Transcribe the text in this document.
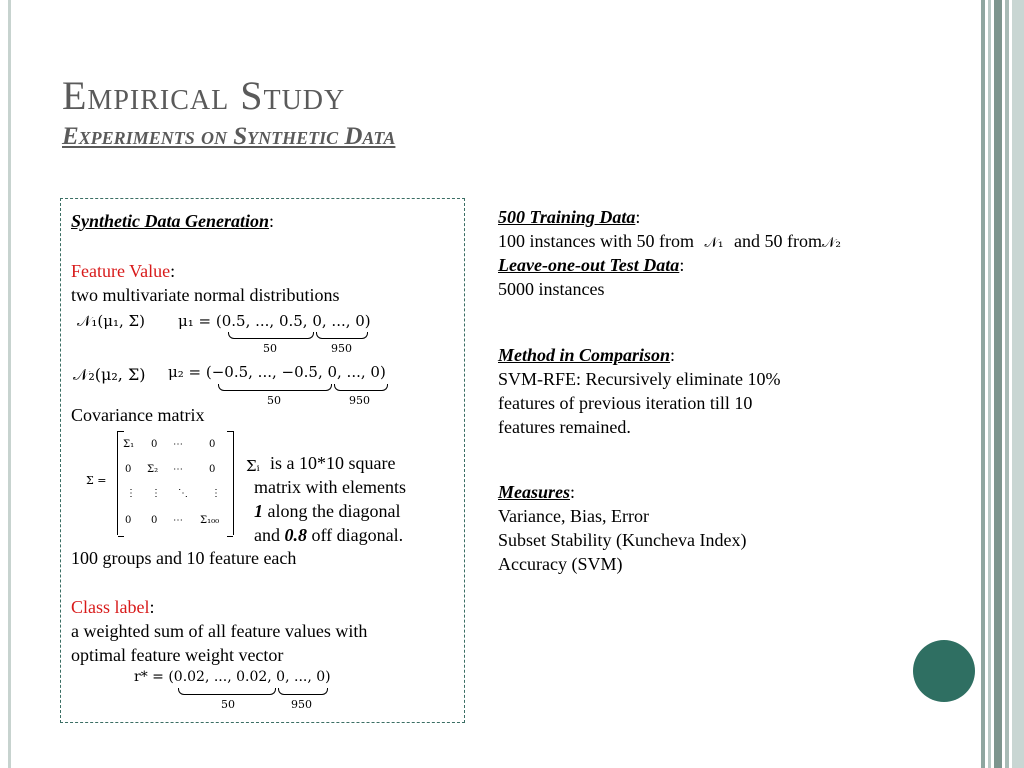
Empirical Study
Experiments on Synthetic Data
Synthetic Data Generation:
Feature Value:
two multivariate normal distributions
𝒩₁(μ₁, Σ) μ₁ = (0.5, ..., 0.5, 0, ..., 0)
50	950
𝒩₂(μ₂, Σ) μ₂ = (−0.5, ..., −0.5, 0, ..., 0)
50	950
Covariance matrix
Σ =
Σ₁ 0 ⋯	0
0 Σ₂ ⋯	0
⋮ ⋮ ⋱ ⋮
0 0 ⋯ Σ₁₀₀
Σᵢ is a 10*10 square
matrix with elements
1 along the diagonal
and 0.8 off diagonal.
100 groups and 10 feature each
Class label:
a weighted sum of all feature values with
optimal feature weight vector
r* = (0.02, ..., 0.02, 0, ..., 0)
50	950
500 Training Data:
100 instances with 50 from 𝒩₁ and 50 from𝒩₂
Leave-one-out Test Data:
5000 instances
Method in Comparison:
SVM-RFE: Recursively eliminate 10%
features of previous iteration till 10
features remained.
Measures:
Variance, Bias, Error
Subset Stability (Kuncheva Index)
Accuracy (SVM)
